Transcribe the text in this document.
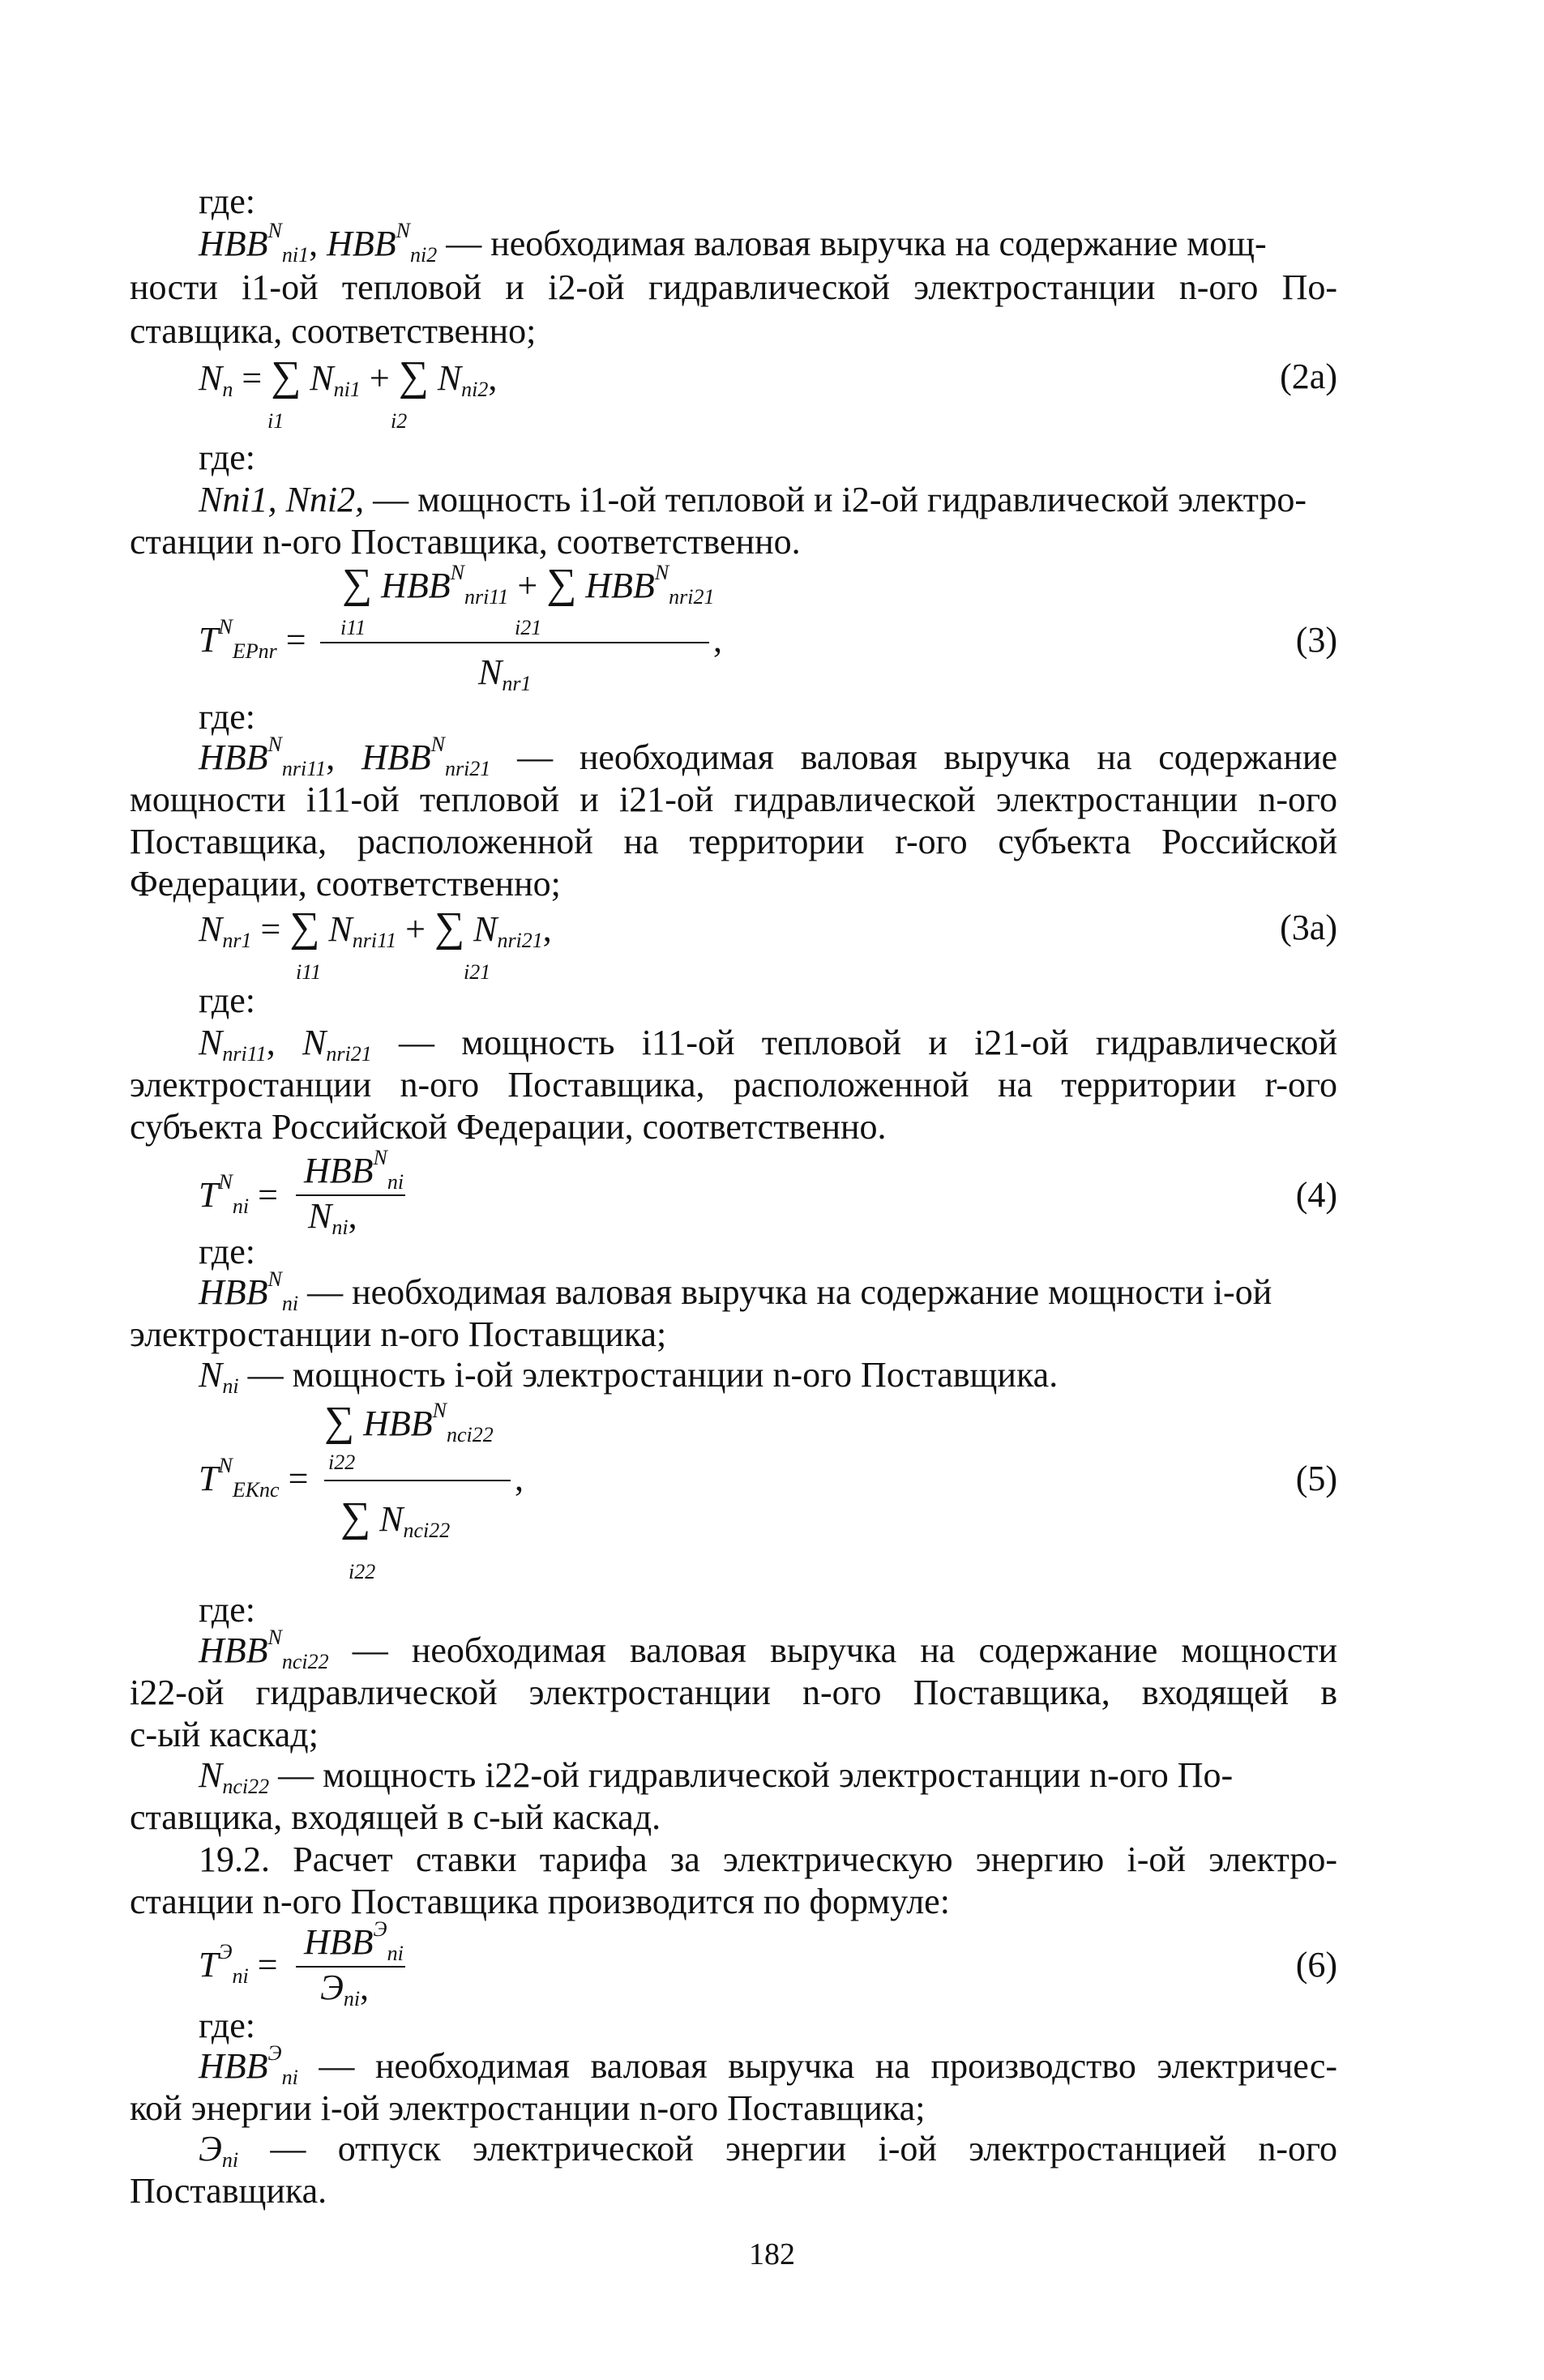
где:
$НВВ^Nni1$, $НВВ^Nni2$ — необходимая валовая выручка на содержание мощ-
ности i1-ой тепловой и i2-ой гидравлической электростанции n-ого По-
ставщика, соответственно;
Nn = ∑ Nni1 + ∑ Nni2,
i1	i2
(2а)
где:
Nni1, Nni2, — мощность i1-ой тепловой и i2-ой гидравлической электро-
станции n-ого Поставщика, соответственно.
∑ $НВВ^Nnri11$ + ∑ $НВВ^Nnri21$
i11	i21
$T^NEPnr$ =	,
Nnr1
(3)
где:
$НВВ^Nnri11$, $НВВ^Nnri21$ — необходимая валовая выручка на содержание
мощности i11-ой тепловой и i21-ой гидравлической электростанции n-ого
Поставщика, расположенной на территории r-ого субъекта Российской
Федерации, соответственно;
Nnr1 = ∑ Nnri11 + ∑ Nnri21,
i11	i21
(3а)
где:
Nnri11, Nnri21 — мощность i11-ой тепловой и i21-ой гидравлической
электростанции n-ого Поставщика, расположенной на территории r-ого
субъекта Российской Федерации, соответственно.
$НВВ^Nni$
$T^Nni$ =
Nni,
(4)
где:
$НВВ^Nni$ — необходимая валовая выручка на содержание мощности i-ой
электростанции n-ого Поставщика;
Nni — мощность i-ой электростанции n-ого Поставщика.
∑ $НВВ^Nnci22$
i22
$T^NEKnc$ =	,
∑ Nnci22
i22
(5)
где:
$НВВ^Nnci22$ — необходимая валовая выручка на содержание мощности
i22-ой гидравлической электростанции n-ого Поставщика, входящей в
с-ый каскад;
Nnci22 — мощность i22-ой гидравлической электростанции n-ого По-
ставщика, входящей в с-ый каскад.
19.2. Расчет ставки тарифа за электрическую энергию i-ой электро-
станции n-ого Поставщика производится по формуле:
$НВВ^Эni$
$T^Эni$ =
Эni,
(6)
где:
$НВВ^Эni$ — необходимая валовая выручка на производство электричес-
кой энергии i-ой электростанции n-ого Поставщика;
Эni — отпуск электрической энергии i-ой электростанцией n-ого
Поставщика.
182
